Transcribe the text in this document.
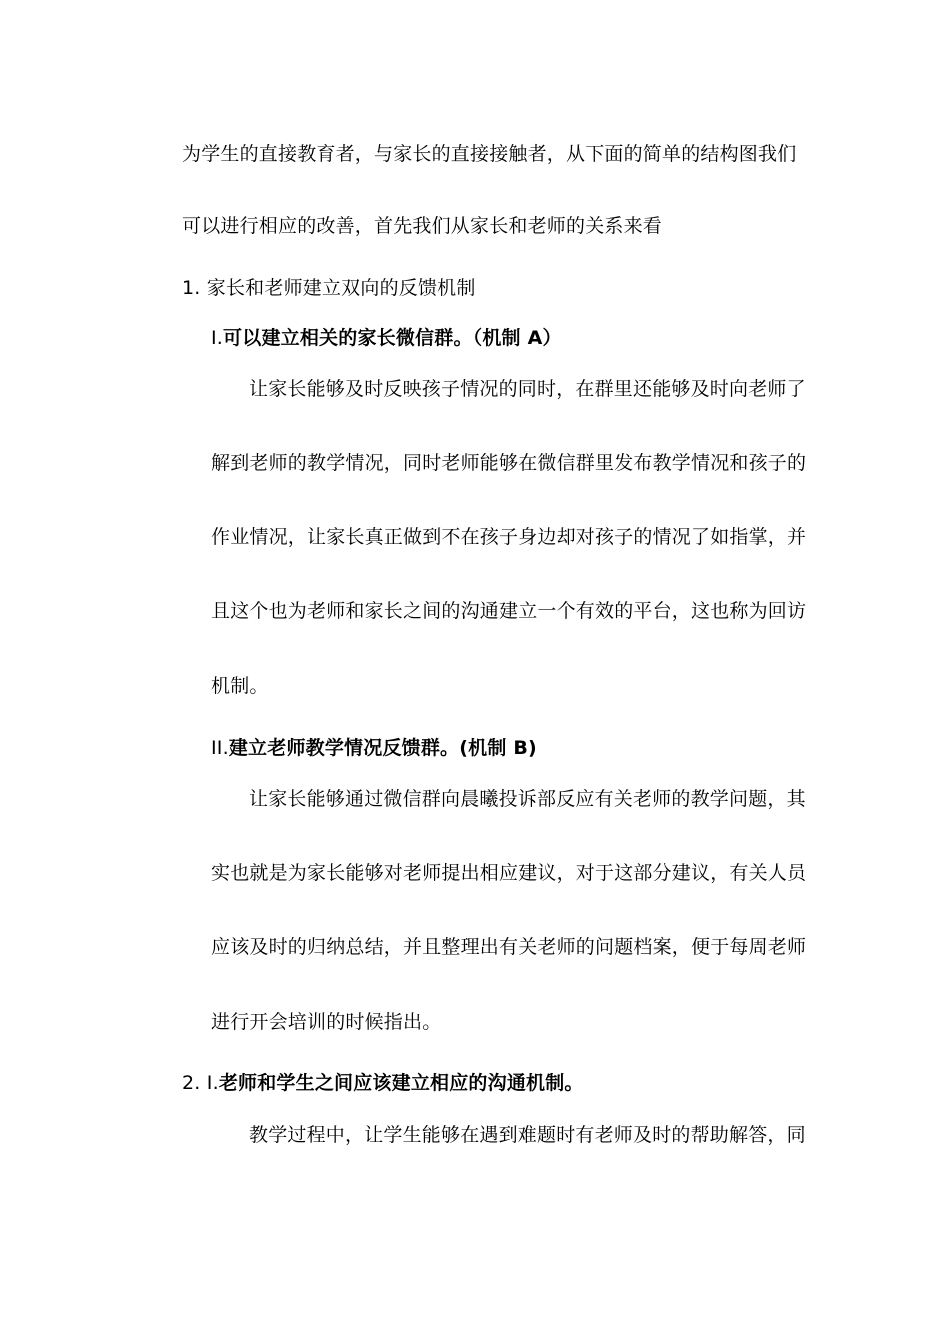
为学生的直接教育者，与家长的直接接触者，从下面的简单的结构图我们
可以进行相应的改善，首先我们从家长和老师的关系来看
1. 家长和老师建立双向的反馈机制
I.可以建立相关的家长微信群。（机制 A）
让家长能够及时反映孩子情况的同时，在群里还能够及时向老师了
解到老师的教学情况，同时老师能够在微信群里发布教学情况和孩子的
作业情况，让家长真正做到不在孩子身边却对孩子的情况了如指掌，并
且这个也为老师和家长之间的沟通建立一个有效的平台，这也称为回访
机制。
II.建立老师教学情况反馈群。(机制 B)
让家长能够通过微信群向晨曦投诉部反应有关老师的教学问题，其
实也就是为家长能够对老师提出相应建议，对于这部分建议，有关人员
应该及时的归纳总结，并且整理出有关老师的问题档案，便于每周老师
进行开会培训的时候指出。
2. I.老师和学生之间应该建立相应的沟通机制。
教学过程中，让学生能够在遇到难题时有老师及时的帮助解答，同
